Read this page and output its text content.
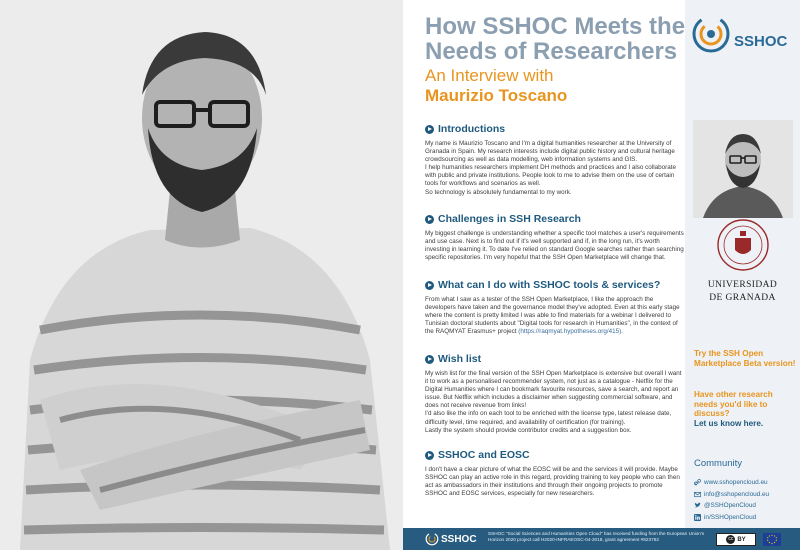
How SSHOC Meets the Needs of Researchers
An Interview with
Maurizio Toscano
Introductions

My name is Maurizio Toscano and I'm a digital humanities researcher at the University of Granada in Spain. My research interests include digital public history and cultural heritage crowdsourcing as well as data modelling, web information systems and GIS.

I help humanities researchers implement DH methods and practices and I also collaborate with public and private institutions. People look to me to advise them on the use of certain tools for workflows and scenarios as well.

So technology is absolutely fundamental to my work.

Challenges in SSH Research

My biggest challenge is understanding whether a specific tool matches a user's requirements and use case. Next is to find out if it's well supported and if, in the long run, it's worth investing in learning it. To date I've relied on standard Google searches rather than searching specific repositories. I'm very hopeful that the SSH Open Marketplace will change that.

What can I do with SSHOC tools & services?

From what I saw as a tester of the SSH Open Marketplace, I like the approach the developers have taken and the governance model they've adopted. Even at this early stage where the content is pretty limited I was able to find materials for a webinar I delivered to Tunisian doctoral students about "Digital tools for research in Humanities", in the context of the RAQMYAT Erasmus+ project (https://raqmyat.hypotheses.org/415).

Wish list

My wish list for the final version of the SSH Open Marketplace is extensive but overall I want it to work as a personalised recommender system, not just as a catalogue - Netflix for the Digital Humanities where I can bookmark favourite resources, save a search, and report an issue. But Netflix which includes a disclaimer when suggesting commercial software, and does not receive revenue from links!

I'd also like the info on each tool to be enriched with the license type, latest release date, difficulty level, time required, and availability of certification (for training).

Lastly the system should provide contributor credits and a suggestion box.

SSHOC and EOSC

I don't have a clear picture of what the EOSC will be and the services it will provide. Maybe SSHOC can play an active role in this regard, providing training to key people who can then act as ambassadors in their institutions and through their ongoing projects to promote SSHOC and EOSC services, especially for new researchers.

SSHOC
UNIVERSIDAD
DE GRANADA
Try the SSH Open Marketplace Beta version!
Have other research needs you'd like to discuss?
Let us know here.
Community
www.sshopencloud.eu
info@sshopencloud.eu
@SSHOpenCloud
in/SSHOpenCloud
SSHOC
SSHOC "Social Sciences and Humanities Open Cloud" has received funding from the European Union's Horizon 2020 project call H2020-INFRAEOSC-04-2018, grant agreement #823782	cc BY
